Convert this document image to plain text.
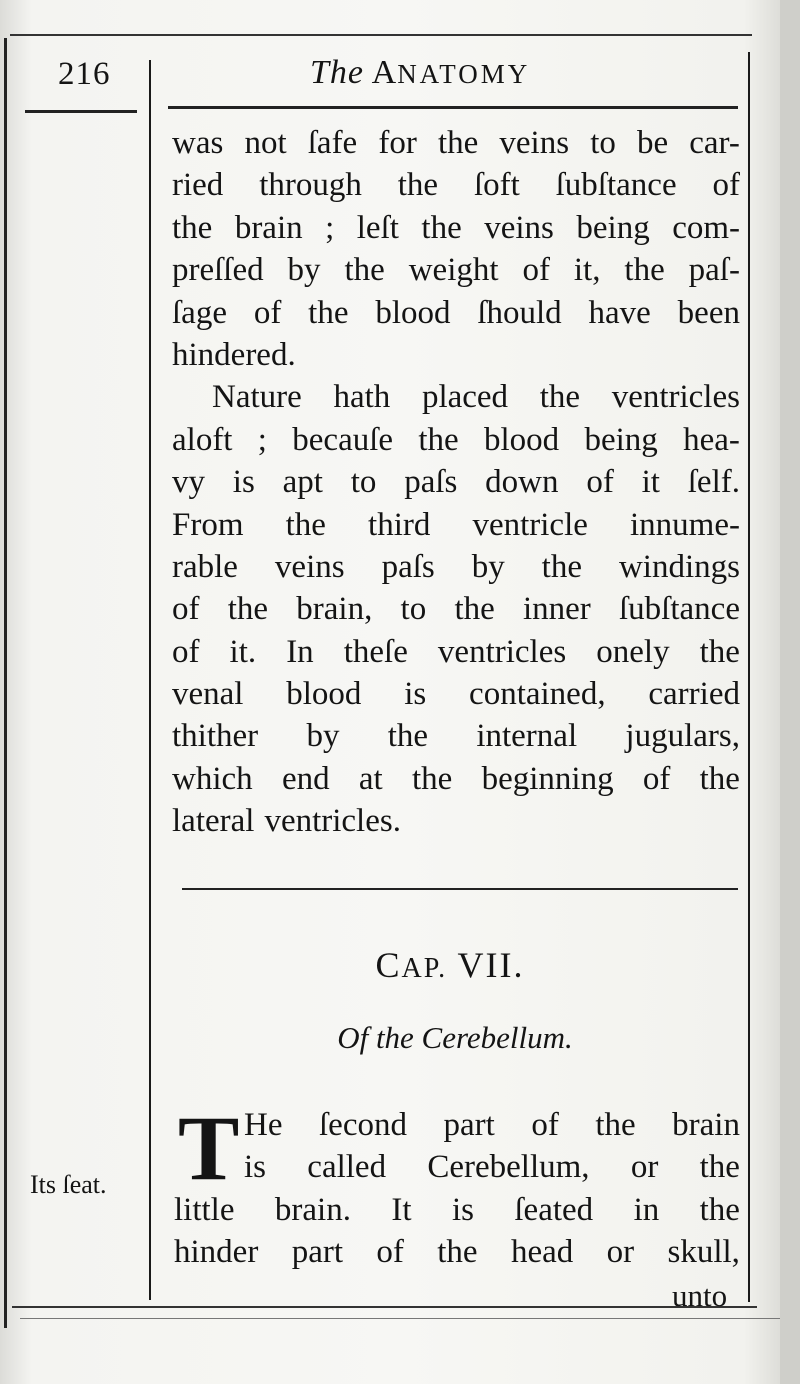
216	The ANATOMY
was not ſafe for the veins to be car-
ried through the ſoft ſubſtance of
the brain ; leſt the veins being com-
preſſed by the weight of it, the paſ-
ſage of the blood ſhould have been
hindered.
Nature hath placed the ventricles
aloft ; becauſe the blood being hea-
vy is apt to paſs down of it ſelf.
From the third ventricle innume-
rable veins paſs by the windings
of the brain, to the inner ſubſtance
of it. In theſe ventricles onely the
venal blood is contained, carried
thither by the internal jugulars,
which end at the beginning of the
lateral ventricles.
CAP. VII.
Of the Cerebellum.
T He ſecond part of the brain
is called Cerebellum, or the
little brain. It is ſeated in the
hinder part of the head or skull,
Its ſeat.
unto
